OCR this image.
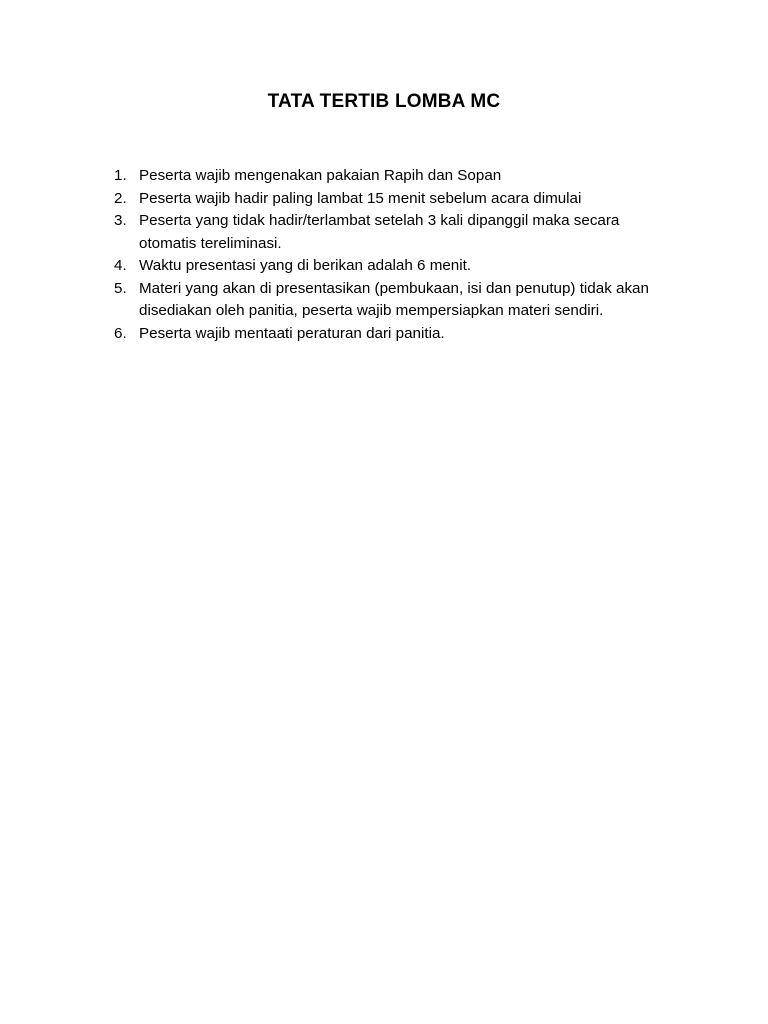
TATA TERTIB LOMBA MC
1. Peserta wajib mengenakan pakaian Rapih dan Sopan
2. Peserta wajib hadir paling lambat 15 menit sebelum acara dimulai
3. Peserta yang tidak hadir/terlambat setelah 3 kali dipanggil maka secara otomatis tereliminasi.
4. Waktu presentasi yang di berikan adalah 6 menit.
5. Materi yang akan di presentasikan (pembukaan, isi dan penutup) tidak akan disediakan oleh panitia, peserta wajib mempersiapkan materi sendiri.
6. Peserta wajib mentaati peraturan dari panitia.
